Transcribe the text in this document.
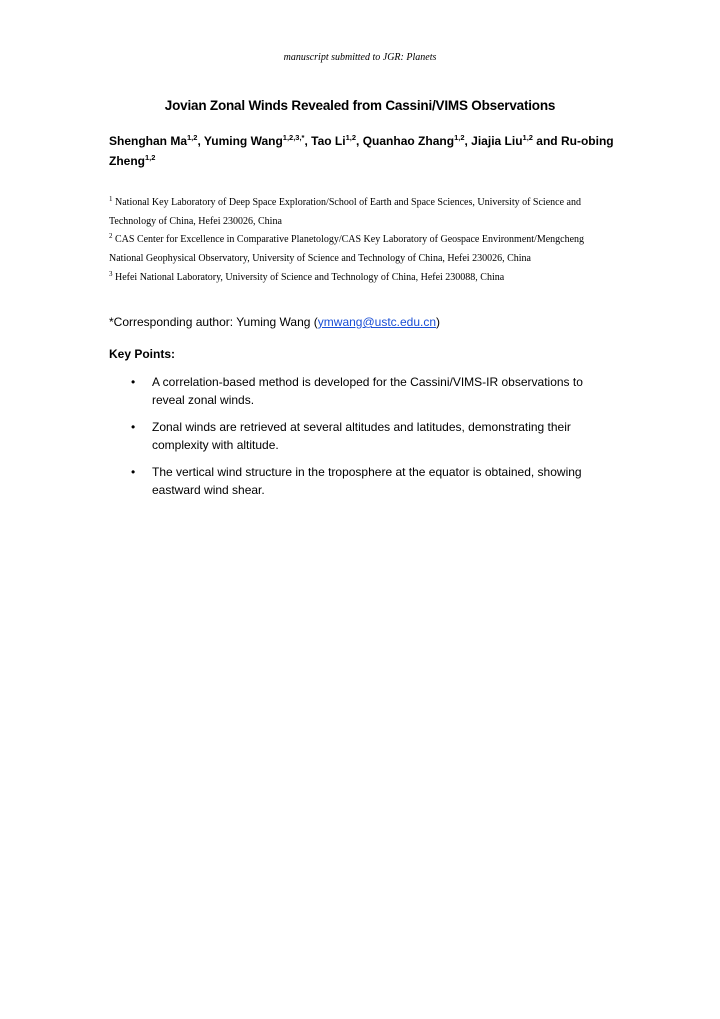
manuscript submitted to JGR: Planets
Jovian Zonal Winds Revealed from Cassini/VIMS Observations
Shenghan Ma$^{1,2}$, Yuming Wang$^{1,2,3,*}$, Tao Li$^{1,2}$, Quanhao Zhang$^{1,2}$, Jiajia Liu$^{1,2}$ and Ru-obing Zheng$^{1,2}$
$^1$ National Key Laboratory of Deep Space Exploration/School of Earth and Space Sciences, University of Science and Technology of China, Hefei 230026, China
$^2$ CAS Center for Excellence in Comparative Planetology/CAS Key Laboratory of Geospace Environment/Mengcheng National Geophysical Observatory, University of Science and Technology of China, Hefei 230026, China
$^3$ Hefei National Laboratory, University of Science and Technology of China, Hefei 230088, China
*Corresponding author: Yuming Wang (ymwang@ustc.edu.cn)
Key Points:
• A correlation-based method is developed for the Cassini/VIMS-IR observations to reveal zonal winds.
• Zonal winds are retrieved at several altitudes and latitudes, demonstrating their complexity with altitude.
• The vertical wind structure in the troposphere at the equator is obtained, showing eastward wind shear.
